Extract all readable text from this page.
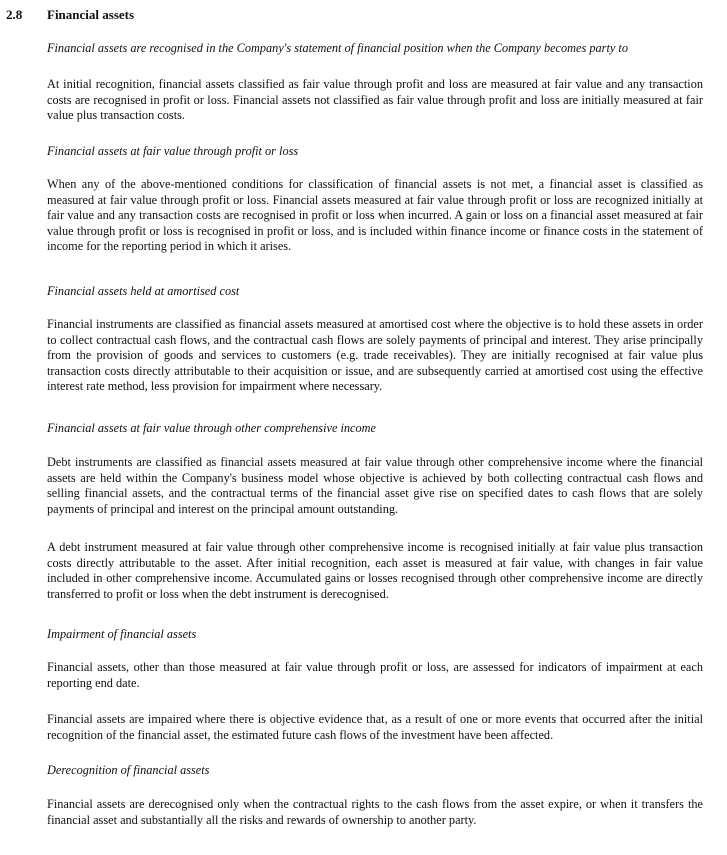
2.8 Financial assets

Financial assets are recognised in the Company's statement of financial position when the Company becomes party to

At initial recognition, financial assets classified as fair value through profit and loss are measured at fair value and any transaction costs are recognised in profit or loss. Financial assets not classified as fair value through profit and loss are initially measured at fair value plus transaction costs.

Financial assets at fair value through profit or loss

When any of the above-mentioned conditions for classification of financial assets is not met, a financial asset is classified as measured at fair value through profit or loss. Financial assets measured at fair value through profit or loss are recognized initially at fair value and any transaction costs are recognised in profit or loss when incurred. A gain or loss on a financial asset measured at fair value through profit or loss is recognised in profit or loss, and is included within finance income or finance costs in the statement of income for the reporting period in which it arises.

Financial assets held at amortised cost

Financial instruments are classified as financial assets measured at amortised cost where the objective is to hold these assets in order to collect contractual cash flows, and the contractual cash flows are solely payments of principal and interest. They arise principally from the provision of goods and services to customers (e.g. trade receivables). They are initially recognised at fair value plus transaction costs directly attributable to their acquisition or issue, and are subsequently carried at amortised cost using the effective interest rate method, less provision for impairment where necessary.

Financial assets at fair value through other comprehensive income

Debt instruments are classified as financial assets measured at fair value through other comprehensive income where the financial assets are held within the Company's business model whose objective is achieved by both collecting contractual cash flows and selling financial assets, and the contractual terms of the financial asset give rise on specified dates to cash flows that are solely payments of principal and interest on the principal amount outstanding.

A debt instrument measured at fair value through other comprehensive income is recognised initially at fair value plus transaction costs directly attributable to the asset. After initial recognition, each asset is measured at fair value, with changes in fair value included in other comprehensive income. Accumulated gains or losses recognised through other comprehensive income are directly transferred to profit or loss when the debt instrument is derecognised.

Impairment of financial assets

Financial assets, other than those measured at fair value through profit or loss, are assessed for indicators of impairment at each reporting end date.

Financial assets are impaired where there is objective evidence that, as a result of one or more events that occurred after the initial recognition of the financial asset, the estimated future cash flows of the investment have been affected.

Derecognition of financial assets

Financial assets are derecognised only when the contractual rights to the cash flows from the asset expire, or when it transfers the financial asset and substantially all the risks and rewards of ownership to another party.
